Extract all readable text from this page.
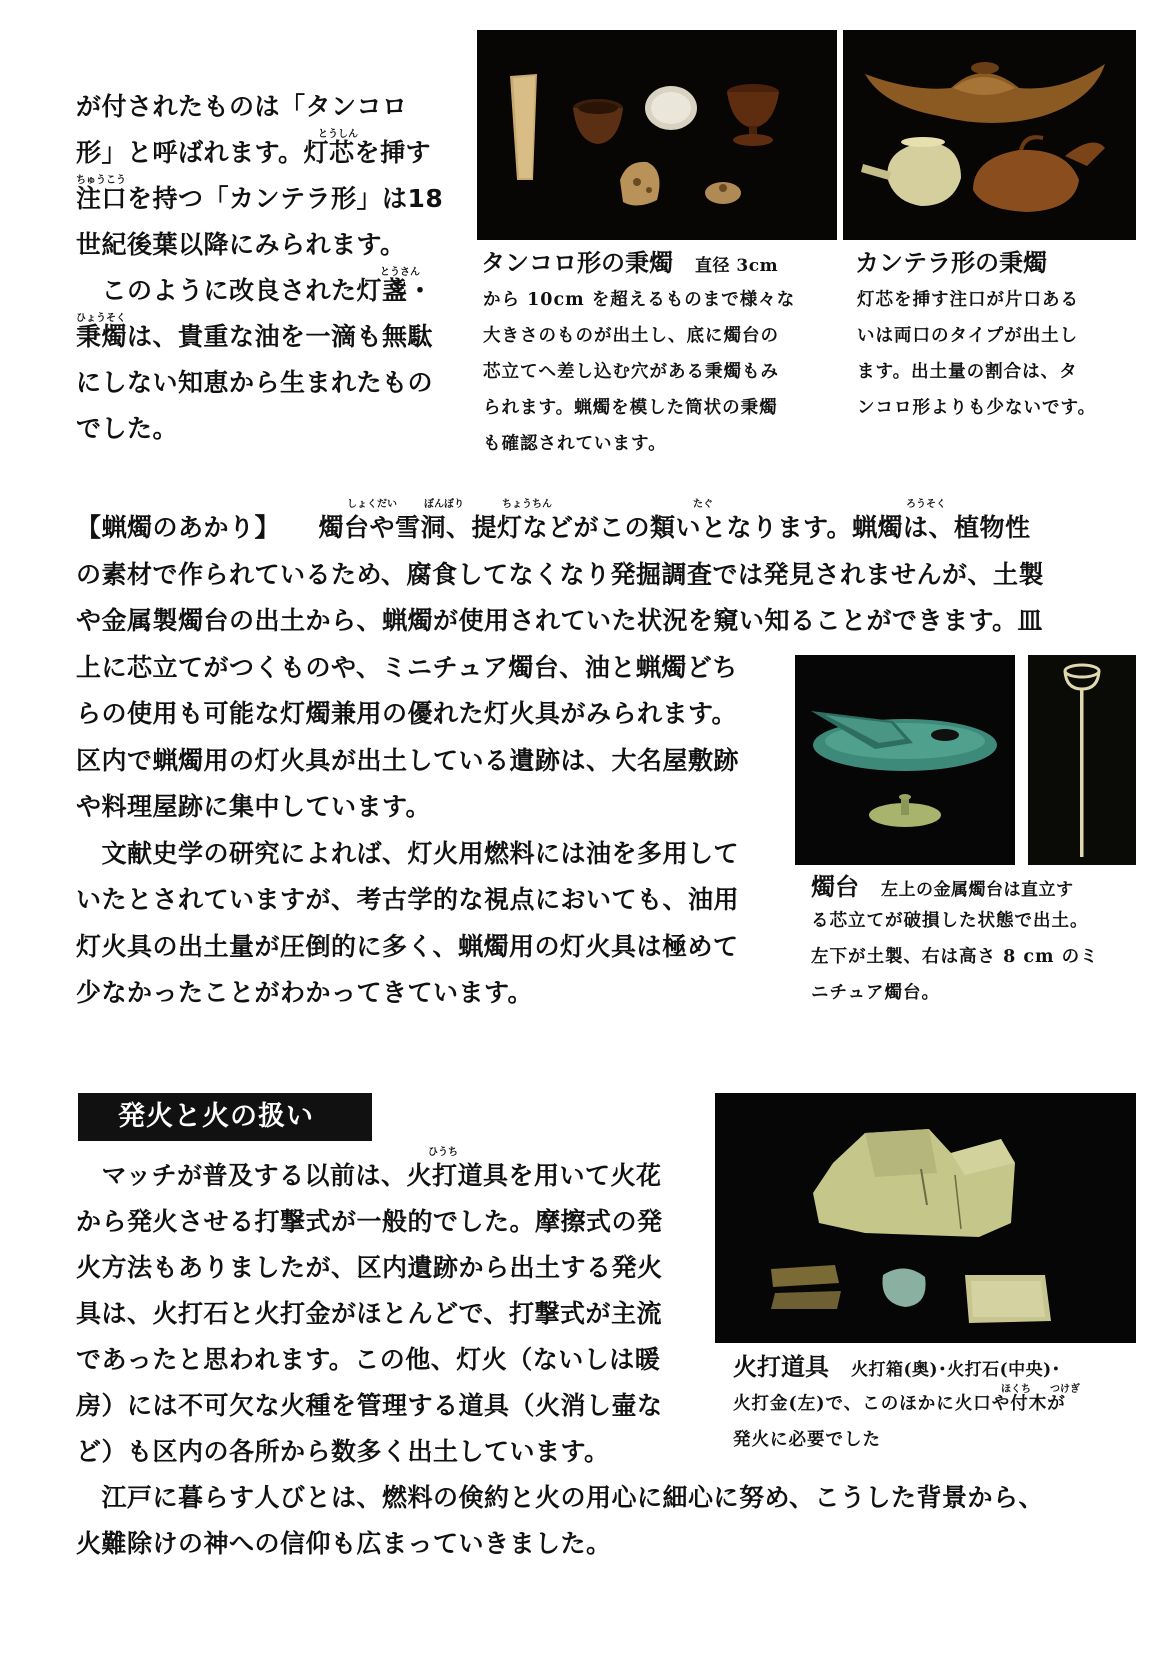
が付されたものは「タンコロ
形」と呼ばれます。灯芯を挿す
注口を持つ「カンテラ形」は18
世紀後葉以降にみられます。
　このように改良された灯盞・
秉燭は、貴重な油を一滴も無駄
にしない知恵から生まれたもの
でした。
とうしん
ちゅうこう
とうさん
ひょうそく
タンコロ形の秉燭 直径 3cm
から 10cm を超えるものまで様々な
大きさのものが出土し、底に燭台の
芯立てへ差し込む穴がある秉燭もみ
られます。蝋燭を模した筒状の秉燭
も確認されています。
カンテラ形の秉燭
灯芯を挿す注口が片口ある
いは両口のタイプが出土し
ます。出土量の割合は、タ
ンコロ形よりも少ないです。
しょくだい	ぼんぼり	ちょうちん	たぐ	ろうそく
【蝋燭のあかり】　　燭台や雪洞、提灯などがこの類いとなります。蝋燭は、植物性
の素材で作られているため、腐食してなくなり発掘調査では発見されませんが、土製
や金属製燭台の出土から、蝋燭が使用されていた状況を窺い知ることができます。皿
上に芯立てがつくものや、ミニチュア燭台、油と蝋燭どち
らの使用も可能な灯燭兼用の優れた灯火具がみられます。
区内で蝋燭用の灯火具が出土している遺跡は、大名屋敷跡
や料理屋跡に集中しています。
　文献史学の研究によれば、灯火用燃料には油を多用して
いたとされていますが、考古学的な視点においても、油用
灯火具の出土量が圧倒的に多く、蝋燭用の灯火具は極めて
少なかったことがわかってきています。
燭台 左上の金属燭台は直立す
る芯立てが破損した状態で出土。
左下が土製、右は高さ 8 cm のミ
ニチュア燭台。
発火と火の扱い
ひうち
　マッチが普及する以前は、火打道具を用いて火花
から発火させる打撃式が一般的でした。摩擦式の発
火方法もありましたが、区内遺跡から出土する発火
具は、火打石と火打金がほとんどで、打撃式が主流
であったと思われます。この他、灯火（ないしは暖
房）には不可欠な火種を管理する道具（火消し壷な
ど）も区内の各所から数多く出土しています。
　江戸に暮らす人びとは、燃料の倹約と火の用心に細心に努め、こうした背景から、
火難除けの神への信仰も広まっていきました。
ほくち つけぎ
火打道具 火打箱(奥)･火打石(中央)･
火打金(左)で、このほかに火口や付木が
発火に必要でした
